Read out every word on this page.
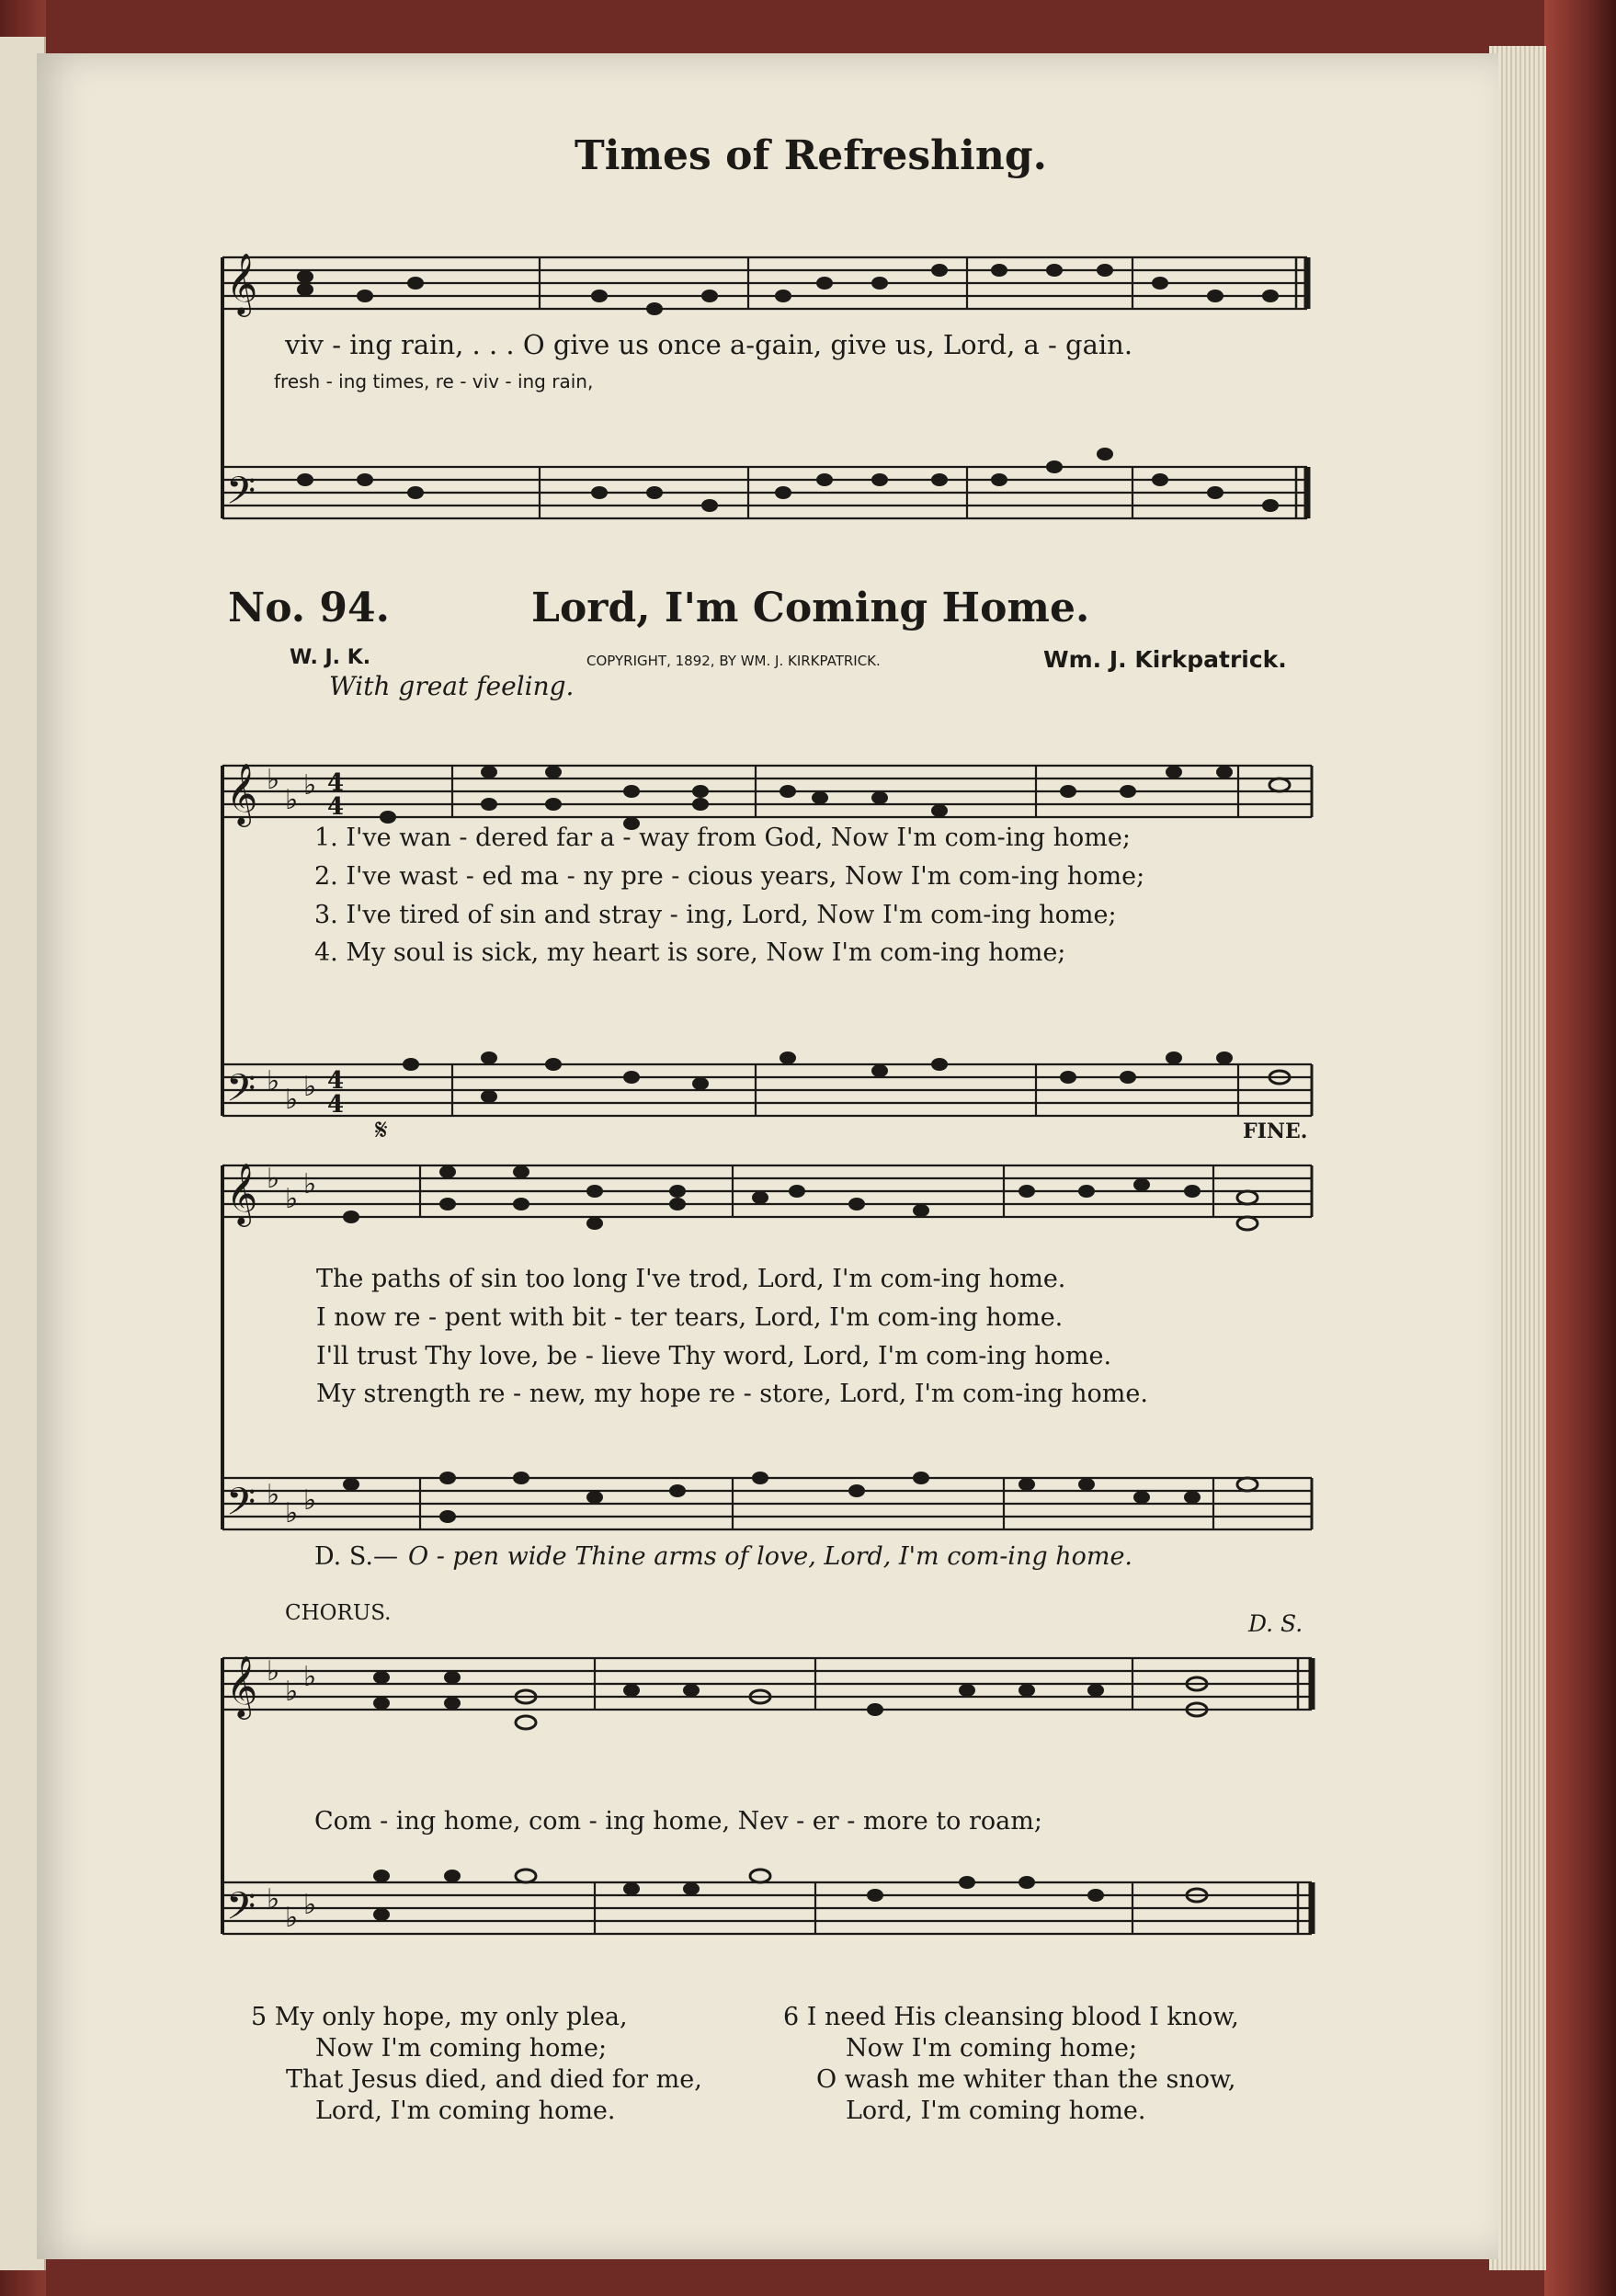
Times of Refreshing.
𝄞
𝄢
viv - ing rain, . . . O give us once a-gain, give us, Lord, a - gain.
fresh - ing times, re - viv - ing rain,
No. 94.	Lord, I'm Coming Home.
W. J. K.	COPYRIGHT, 1892, BY WM. J. KIRKPATRICK.	Wm. J. Kirkpatrick.
With great feeling.
𝄞 ♭
♭ ♭ 4
4
𝄢 ♭
♭ ♭ 4
4
1. I've wan - dered far a - way from God, Now I'm com-ing home;
2. I've wast - ed ma - ny pre - cious years, Now I'm com-ing home;
3. I've tired of sin and stray - ing, Lord, Now I'm com-ing home;
4. My soul is sick, my heart is sore, Now I'm com-ing home;
𝄋	FINE.
𝄞 ♭
♭ ♭
𝄢 ♭
♭ ♭
The paths of sin too long I've trod, Lord, I'm com-ing home.
I now re - pent with bit - ter tears, Lord, I'm com-ing home.
I'll trust Thy love, be - lieve Thy word, Lord, I'm com-ing home.
My strength re - new, my hope re - store, Lord, I'm com-ing home.
D. S.— O - pen wide Thine arms of love, Lord, I'm com-ing home.
CHORUS.	D. S.
𝄞 ♭
♭ ♭
𝄢 ♭
♭ ♭
Com - ing home, com - ing home, Nev - er - more to roam;
5 My only hope, my only plea,
Now I'm coming home;
That Jesus died, and died for me,
Lord, I'm coming home.
6 I need His cleansing blood I know,
Now I'm coming home;
O wash me whiter than the snow,
Lord, I'm coming home.
